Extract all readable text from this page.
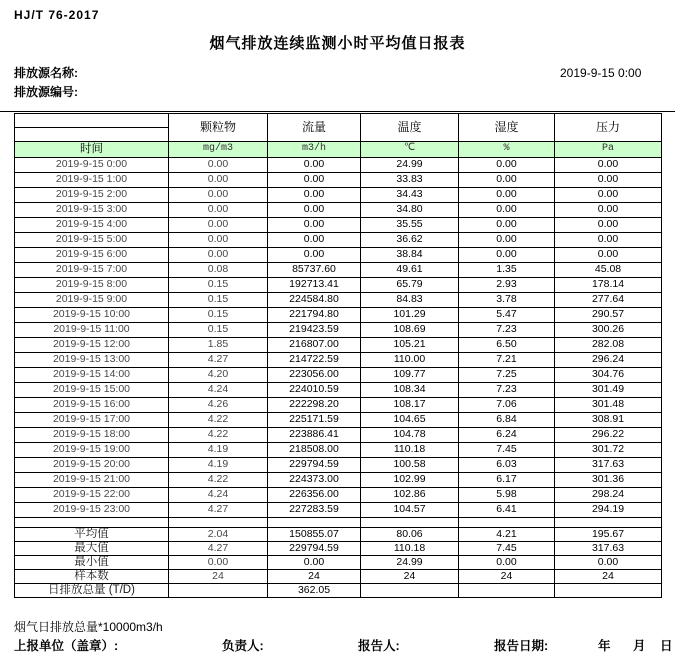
HJ/T 76-2017
烟气排放连续监测小时平均值日报表
排放源名称:
排放源编号:
2019-9-15 0:00
	颗粒物	流量	温度	湿度	压力

时间	mg/m3	m3/h	℃	%	Pa
2019-9-15 0:00	0.00	0.00	24.99	0.00	0.00
2019-9-15 1:00	0.00	0.00	33.83	0.00	0.00
2019-9-15 2:00	0.00	0.00	34.43	0.00	0.00
2019-9-15 3:00	0.00	0.00	34.80	0.00	0.00
2019-9-15 4:00	0.00	0.00	35.55	0.00	0.00
2019-9-15 5:00	0.00	0.00	36.62	0.00	0.00
2019-9-15 6:00	0.00	0.00	38.84	0.00	0.00
2019-9-15 7:00	0.08	85737.60	49.61	1.35	45.08
2019-9-15 8:00	0.15	192713.41	65.79	2.93	178.14
2019-9-15 9:00	0.15	224584.80	84.83	3.78	277.64
2019-9-15 10:00	0.15	221794.80	101.29	5.47	290.57
2019-9-15 11:00	0.15	219423.59	108.69	7.23	300.26
2019-9-15 12:00	1.85	216807.00	105.21	6.50	282.08
2019-9-15 13:00	4.27	214722.59	110.00	7.21	296.24
2019-9-15 14:00	4.20	223056.00	109.77	7.25	304.76
2019-9-15 15:00	4.24	224010.59	108.34	7.23	301.49
2019-9-15 16:00	4.26	222298.20	108.17	7.06	301.48
2019-9-15 17:00	4.22	225171.59	104.65	6.84	308.91
2019-9-15 18:00	4.22	223886.41	104.78	6.24	296.22
2019-9-15 19:00	4.19	218508.00	110.18	7.45	301.72
2019-9-15 20:00	4.19	229794.59	100.58	6.03	317.63
2019-9-15 21:00	4.22	224373.00	102.99	6.17	301.36
2019-9-15 22:00	4.24	226356.00	102.86	5.98	298.24
2019-9-15 23:00	4.27	227283.59	104.57	6.41	294.19

平均值	2.04	150855.07	80.06	4.21	195.67
最大值	4.27	229794.59	110.18	7.45	317.63
最小值	0.00	0.00	24.99	0.00	0.00
样本数	24	24	24	24	24
日排放总量 (T/D)		362.05			
烟气日排放总量*10000m3/h
上报单位（盖章）:	负责人:	报告人:	报告日期:	年 月 日
